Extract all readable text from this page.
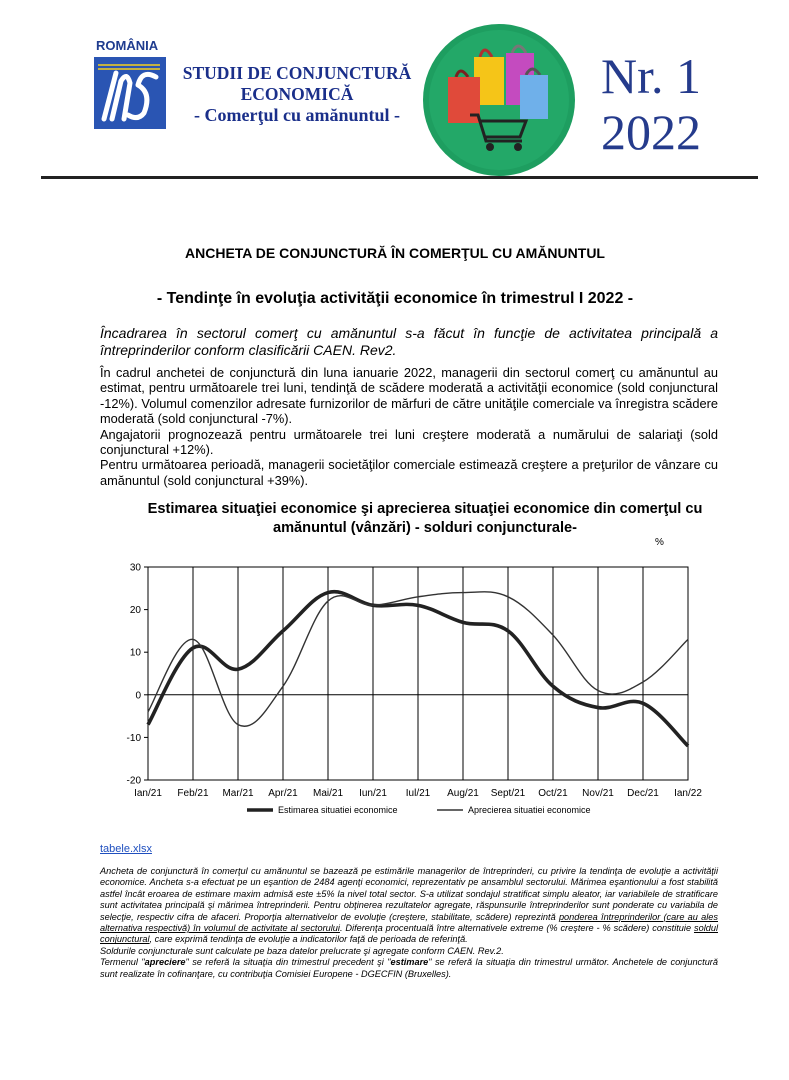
ROMÂNIA
STUDII DE CONJUNCTURĂ
ECONOMICĂ
- Comerţul cu amănuntul -
Nr. 1
2022
ANCHETA DE CONJUNCTURĂ ÎN COMERŢUL CU AMĂNUNTUL
- Tendinţe în evoluţia activităţii economice în trimestrul I 2022 -
Încadrarea în sectorul comerţ cu amănuntul s-a făcut în funcţie de activitatea principală a întreprinderilor conform clasificării CAEN. Rev2.

În cadrul anchetei de conjunctură din luna ianuarie 2022, managerii din sectorul comerţ cu amănuntul au estimat, pentru următoarele trei luni, tendinţă de scădere moderată a activităţii economice (sold conjunctural -12%). Volumul comenzilor adresate furnizorilor de mărfuri de către unităţile comerciale va înregistra scădere moderată (sold conjunctural -7%).

Angajatorii prognozează pentru următoarele trei luni creştere moderată a numărului de salariaţi (sold conjunctural +12%).

Pentru următoarea perioadă, managerii societăţilor comerciale estimează creştere a preţurilor de vânzare cu amănuntul (sold conjunctural +39%).

Estimarea situaţiei economice şi aprecierea situaţiei economice din comerţul cu amănuntul (vânzări) - solduri conjuncturale-
%
-20
-10
0
10
20
30
Ian/21 Feb/21 Mar/21 Apr/21 Mai/21 Iun/21 Iul/21 Aug/21 Sept/21 Oct/21 Nov/21 Dec/21 Ian/22
Estimarea situatiei economice	Aprecierea situatiei economice
tabele.xlsx

Ancheta de conjunctură în comerţul cu amănuntul se bazează pe estimările managerilor de întreprinderi, cu privire la tendinţa de evoluţie a activităţii economice. Ancheta s-a efectuat pe un eşantion de 2484 agenţi economici, reprezentativ pe ansamblul sectorului. Mărimea eşantionului a fost stabilită astfel încât eroarea de estimare maxim admisă este ±5% la nivel total sector. S-a utilizat sondajul stratificat simplu aleator, iar variabilele de stratificare sunt activitatea principală şi mărimea întreprinderii. Pentru obţinerea rezultatelor agregate, răspunsurile întreprinderilor sunt ponderate cu variabila de selecţie, respectiv cifra de afaceri. Proporţia alternativelor de evoluţie (creştere, stabilitate, scădere) reprezintă ponderea întreprinderilor (care au ales alternativa respectivă) în volumul de activitate al sectorului. Diferenţa procentuală între alternativele extreme (% creştere - % scădere) constituie soldul conjunctural, care exprimă tendinţa de evoluţie a indicatorilor faţă de perioada de referinţă.

Soldurile conjuncturale sunt calculate pe baza datelor prelucrate şi agregate conform CAEN. Rev.2.

Termenul "apreciere" se referă la situaţia din trimestrul precedent şi "estimare" se referă la situaţia din trimestrul următor. Anchetele de conjunctură sunt realizate în cofinanţare, cu contribuţia Comisiei Europene - DGECFIN (Bruxelles).
